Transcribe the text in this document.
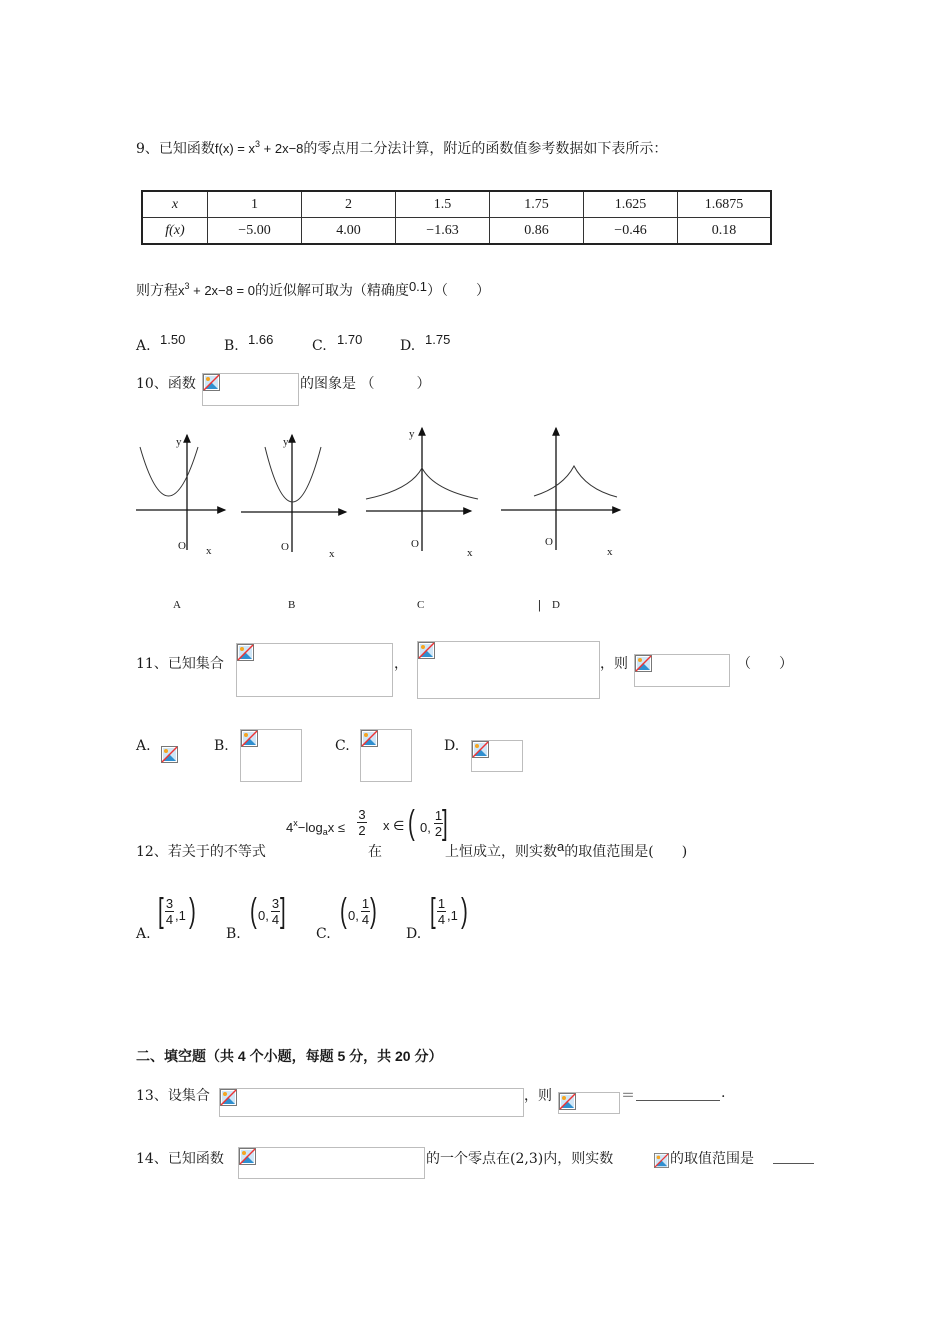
9、已知函数$f(x) = x^3 + 2x-8$的零点用二分法计算，附近的函数值参考数据如下表所示：
x	1	2	1.5	1.75	1.625	1.6875
f(x)	−5.00	4.00	−1.63	0.86	−0.46	0.18
则方程$x^3 + 2x-8 = 0$的近似解可取为（精确度0.1）（　　）
A. 1.50	B. 1.66	C. 1.70	D. 1.75
10、函数	的图象是 （　　　）
y
O x
y
O
x
y
O
x
O
x
A	B	C	| D
11、已知集合	，	，则	（　　）
A.	B.	C.	D.
12、若关于的不等式
$4^x-\log_ax$ ≤
3
2
在
x ∈ ( 0,
1
2 ]
上恒成立，则实数a的取值范围是(　　)
A.
[ 3
4 ,1 )
B.
( 0,
3
4 ]
C.
( 0,
1
4 )
D.
[ 1
4 ,1 )
二、填空题（共 4 个小题，每题 5 分，共 20 分）
13、设集合	，则	＝	.
14、已知函数	的一个零点在(2,3)内，则实数	的取值范围是
